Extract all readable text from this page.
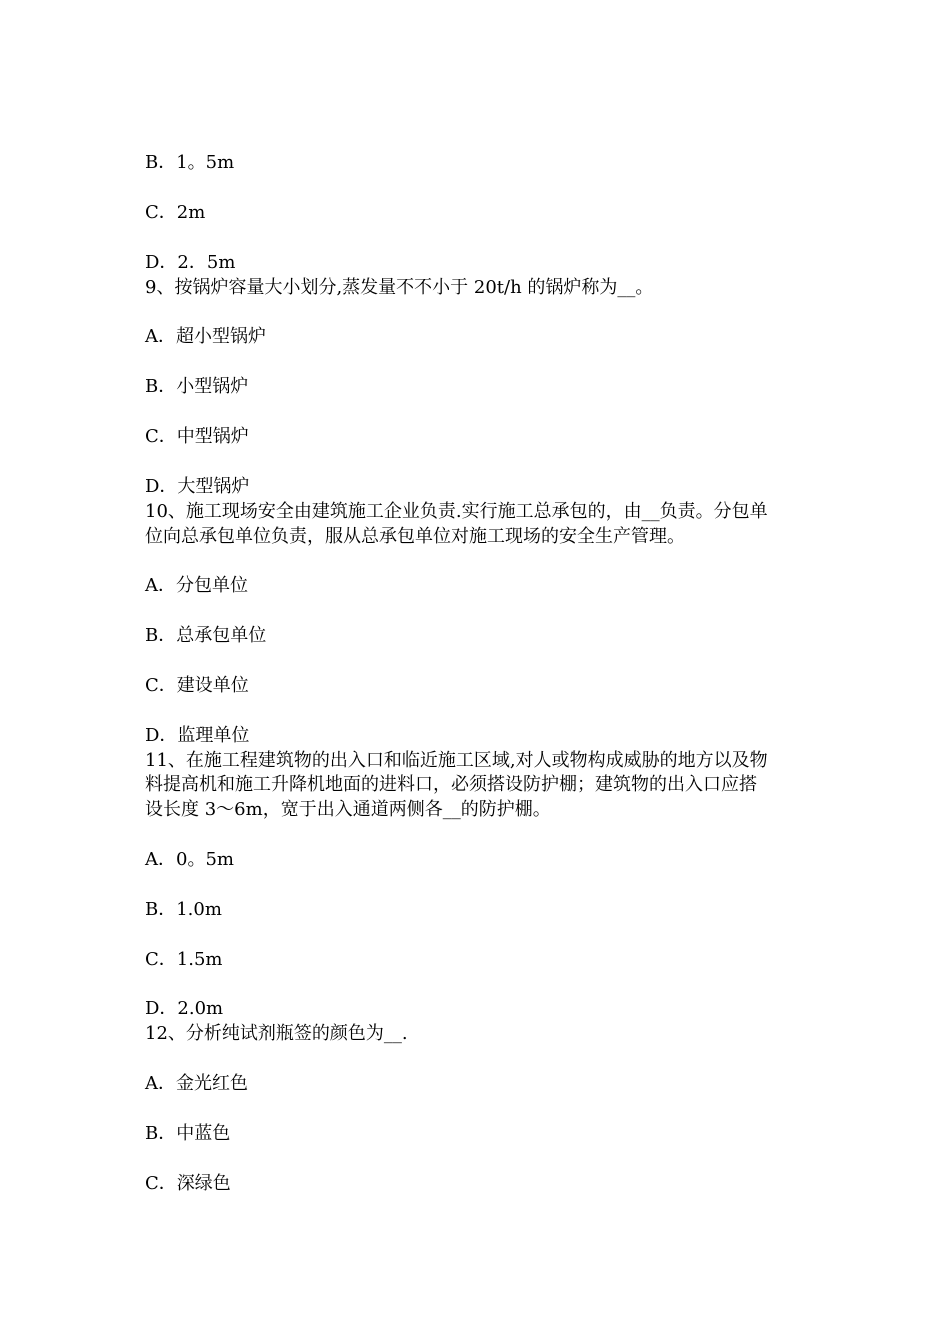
B．1。5m
C．2m
D．2．5m
9、按锅炉容量大小划分,蒸发量不不小于 20t/h 的锅炉称为__。
A．超小型锅炉
B．小型锅炉
C．中型锅炉
D．大型锅炉
10、施工现场安全由建筑施工企业负责.实行施工总承包的，由__负责。分包单
位向总承包单位负责，服从总承包单位对施工现场的安全生产管理。
A．分包单位
B．总承包单位
C．建设单位
D．监理单位
11、在施工程建筑物的出入口和临近施工区域,对人或物构成威胁的地方以及物
料提高机和施工升降机地面的进料口，必须搭设防护棚；建筑物的出入口应搭
设长度 3～6m，宽于出入通道两侧各__的防护棚。
A．0。5m
B．1.0m
C．1.5m
D．2.0m
12、分析纯试剂瓶签的颜色为__.
A．金光红色
B．中蓝色
C．深绿色
